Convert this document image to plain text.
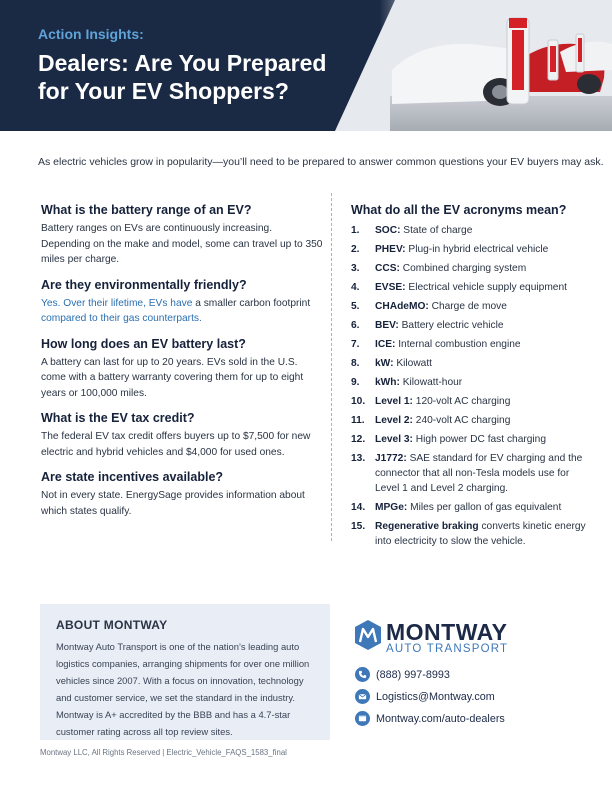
Action Insights:
Dealers: Are You Prepared
for Your EV Shoppers?
As electric vehicles grow in popularity—you’ll need to be prepared to answer common questions your EV buyers may ask.
What is the battery range of an EV?

Battery ranges on EVs are continuously increasing. Depending on the make and model, some can travel up to 350 miles per charge.

Are they environmentally friendly?

Yes. Over their lifetime, EVs have a smaller carbon footprint compared to their gas counterparts.

How long does an EV battery last?

A battery can last for up to 20 years. EVs sold in the U.S. come with a battery warranty covering them for up to eight years or 100,000 miles.

What is the EV tax credit?

The federal EV tax credit offers buyers up to $7,500 for new electric and hybrid vehicles and $4,000 for used ones.

Are state incentives available?

Not in every state. EnergySage provides information about which states qualify.

What do all the EV acronyms mean?
1.	SOC: State of charge
2.	PHEV: Plug-in hybrid electrical vehicle
3.	CCS: Combined charging system
4.	EVSE: Electrical vehicle supply equipment
5.	CHAdeMO: Charge de move
6.	BEV: Battery electric vehicle
7.	ICE: Internal combustion engine
8.	kW: Kilowatt
9.	kWh: Kilowatt-hour
10. Level 1: 120-volt AC charging
11.	Level 2: 240-volt AC charging
12. Level 3: High power DC fast charging
13. J1772: SAE standard for EV charging and the connector that all non-Tesla models use for Level 1 and Level 2 charging.
14. MPGe: Miles per gallon of gas equivalent
15. Regenerative braking converts kinetic energy into electricity to slow the vehicle.
ABOUT MONTWAY

Montway Auto Transport is one of the nation’s leading auto logistics companies, arranging shipments for over one million vehicles since 2007. With a focus on innovation, technology and customer service, we set the standard in the industry. Montway is A+ accredited by the BBB and has a 4.7-star customer rating across all top review sites.

MONTWAY
AUTO TRANSPORT
(888) 997-8993
Logistics@Montway.com
Montway.com/auto-dealers
Montway LLC, All Rights Reserved | Electric_Vehicle_FAQS_1583_final
